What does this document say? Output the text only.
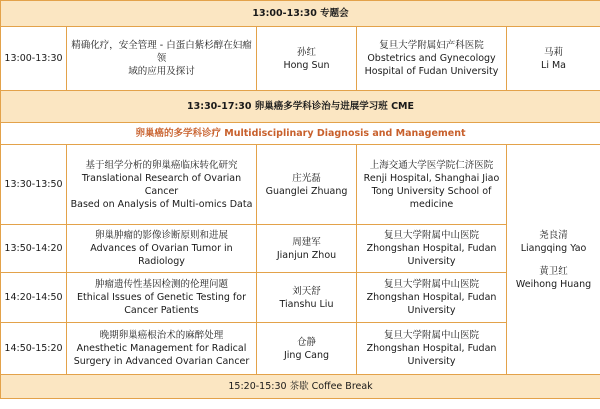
13:00-13:30 专题会				
13:00-13:30	精确化疗，安全管理 - 白蛋白紫杉醇在妇瘤领
域的应用及探讨	孙红
Hong Sun	复旦大学附属妇产科医院
Obstetrics and Gynecology
Hospital of Fudan University	马莉
Li Ma

13:30-17:30 卵巢癌多学科诊治与进展学习班 CME				
卵巢癌的多学科诊疗 Multidisciplinary Diagnosis and Management				
13:30-13:50	基于组学分析的卵巢癌临床转化研究
Translational Research of Ovarian Cancer
Based on Analysis of Multi-omics Data	庄光磊
Guanglei Zhuang	上海交通大学医学院仁济医院
Renji Hospital, Shanghai Jiao
Tong University School of
medicine	尧良清
Liangqing Yao
黄卫红
Weihong Huang

13:50-14:20	卵巢肿瘤的影像诊断原则和进展
Advances of Ovarian Tumor in Radiology	周建军
Jianjun Zhou	复旦大学附属中山医院
Zhongshan Hospital, Fudan
University	

14:20-14:50	肿瘤遗传性基因检测的伦理问题
Ethical Issues of Genetic Testing for
Cancer Patients	刘天舒
Tianshu Liu	复旦大学附属中山医院
Zhongshan Hospital, Fudan
University	

14:50-15:20	晚期卵巢癌根治术的麻醉处理
Anesthetic Management for Radical
Surgery in Advanced Ovarian Cancer	仓静
Jing Cang	复旦大学附属中山医院
Zhongshan Hospital, Fudan
University	

15:20-15:30 茶歇 Coffee Break				
